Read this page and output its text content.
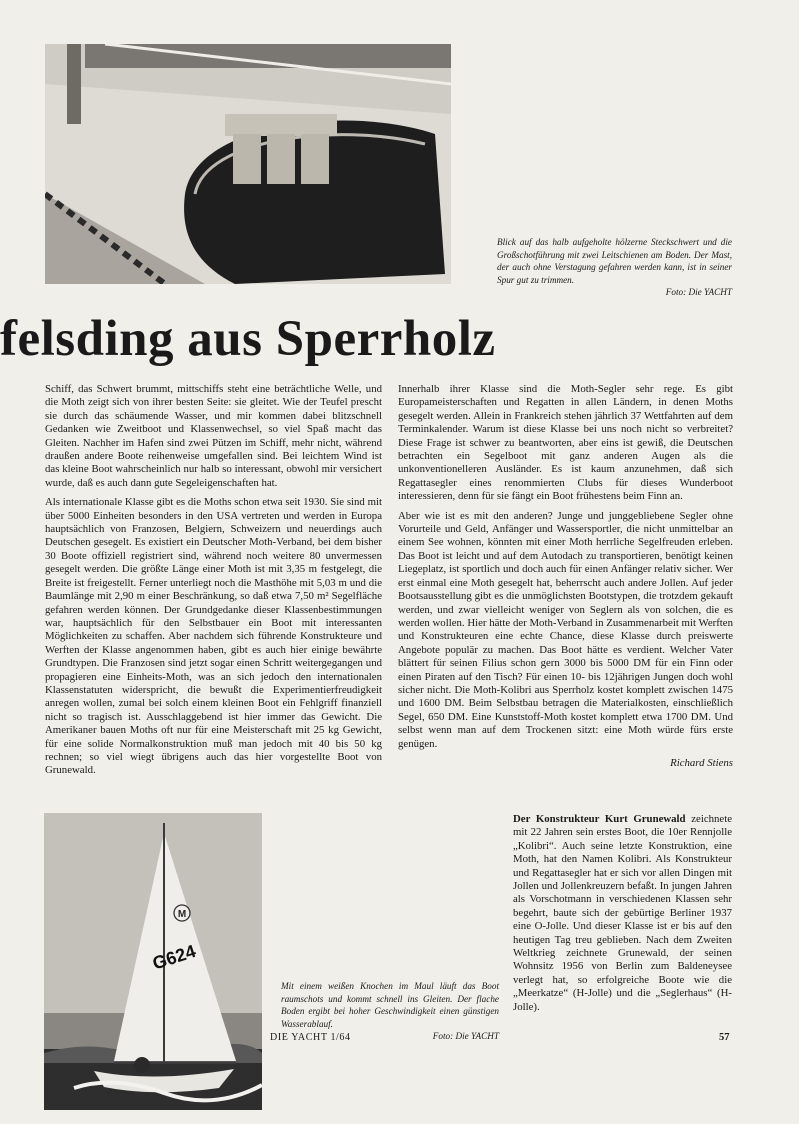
Blick auf das halb aufgeholte hölzerne Steckschwert und die Großschotführung mit zwei Leitschienen am Boden. Der Mast, der auch ohne Verstagung gefahren werden kann, ist in seiner Spur gut zu trimmen.
Foto: Die YACHT

felsding aus Sperrholz

Schiff, das Schwert brummt, mittschiffs steht eine beträchtliche Welle, und die Moth zeigt sich von ihrer besten Seite: sie gleitet. Wie der Teufel prescht sie durch das schäumende Wasser, und mir kommen dabei blitzschnell Gedanken wie Zweitboot und Klassenwechsel, so viel Spaß macht das Gleiten. Nachher im Hafen sind zwei Pützen im Schiff, mehr nicht, während draußen andere Boote reihenweise umgefallen sind. Bei leichtem Wind ist das kleine Boot wahrscheinlich nur halb so interessant, obwohl mir versichert wurde, daß es auch dann gute Segeleigenschaften hat.

Als internationale Klasse gibt es die Moths schon etwa seit 1930. Sie sind mit über 5000 Einheiten besonders in den USA vertreten und werden in Europa hauptsächlich von Franzosen, Belgiern, Schweizern und neuerdings auch Deutschen gesegelt. Es existiert ein Deutscher Moth-Verband, bei dem bisher 30 Boote offiziell registriert sind, während noch weitere 80 unvermessen gesegelt werden. Die größte Länge einer Moth ist mit 3,35 m festgelegt, die Breite ist freigestellt. Ferner unterliegt noch die Masthöhe mit 5,03 m und die Baumlänge mit 2,90 m einer Beschränkung, so daß etwa 7,50 m² Segelfläche gefahren werden können. Der Grundgedanke dieser Klassenbestimmungen war, hauptsächlich für den Selbstbauer ein Boot mit interessanten Möglichkeiten zu schaffen. Aber nachdem sich führende Konstrukteure und Werften der Klasse angenommen haben, gibt es auch hier einige bewährte Grundtypen. Die Franzosen sind jetzt sogar einen Schritt weitergegangen und propagieren eine Einheits-Moth, was an sich jedoch den internationalen Klassenstatuten widerspricht, die bewußt die Experimentierfreudigkeit anregen wollen, zumal bei solch einem kleinen Boot ein Fehlgriff finanziell nicht so tragisch ist. Ausschlaggebend ist hier immer das Gewicht. Die Amerikaner bauen Moths oft nur für eine Meisterschaft mit 25 kg Gewicht, für eine solide Normalkonstruktion muß man jedoch mit 40 bis 50 kg rechnen; so viel wiegt übrigens auch das hier vorgestellte Boot von Grunewald.

Innerhalb ihrer Klasse sind die Moth-Segler sehr rege. Es gibt Europameisterschaften und Regatten in allen Ländern, in denen Moths gesegelt werden. Allein in Frankreich stehen jährlich 37 Wettfahrten auf dem Terminkalender. Warum ist diese Klasse bei uns noch nicht so verbreitet? Diese Frage ist schwer zu beantworten, aber eins ist gewiß, die Deutschen betrachten ein Segelboot mit ganz anderen Augen als die unkonventionelleren Ausländer. Es ist kaum anzunehmen, daß sich Regattasegler eines renommierten Clubs für dieses Wunderboot interessieren, denn für sie fängt ein Boot frühestens beim Finn an.

Aber wie ist es mit den anderen? Junge und junggebliebene Segler ohne Vorurteile und Geld, Anfänger und Wassersportler, die nicht unmittelbar an einem See wohnen, könnten mit einer Moth herrliche Segelfreuden erleben. Das Boot ist leicht und auf dem Autodach zu transportieren, benötigt keinen Liegeplatz, ist sportlich und doch auch für einen Anfänger relativ sicher. Wer erst einmal eine Moth gesegelt hat, beherrscht auch andere Jollen. Auf jeder Bootsausstellung gibt es die unmöglichsten Bootstypen, die trotzdem gekauft werden, und zwar vielleicht weniger von Seglern als von solchen, die es werden wollen. Hier hätte der Moth-Verband in Zusammenarbeit mit Werften und Konstrukteuren eine echte Chance, diese Klasse durch preiswerte Angebote populär zu machen. Das Boot hätte es verdient. Welcher Vater blättert für seinen Filius schon gern 3000 bis 5000 DM für ein Finn oder einen Piraten auf den Tisch? Für einen 10- bis 12jährigen Jungen doch wohl sicher nicht. Die Moth-Kolibri aus Sperrholz kostet komplett zwischen 1475 und 1600 DM. Beim Selbstbau betragen die Materialkosten, einschließlich Segel, 650 DM. Eine Kunststoff-Moth kostet komplett etwa 1700 DM. Und selbst wenn man auf dem Trockenen sitzt: eine Moth würde fürs erste genügen.

Richard Stiens
M
G624

Mit einem weißen Knochen im Maul läuft das Boot raumschots und kommt schnell ins Gleiten. Der flache Boden ergibt bei hoher Geschwindigkeit einen günstigen Wasserablauf.
Foto: Die YACHT

Der Konstrukteur Kurt Grunewald zeichnete mit 22 Jahren sein erstes Boot, die 10er Rennjolle „Kolibri“. Auch seine letzte Konstruktion, eine Moth, hat den Namen Kolibri. Als Konstrukteur und Regattasegler hat er sich vor allen Dingen mit Jollen und Jollenkreuzern befaßt. In jungen Jahren als Vorschotmann in verschiedenen Klassen sehr begehrt, baute sich der gebürtige Berliner 1937 eine O-Jolle. Und dieser Klasse ist er bis auf den heutigen Tag treu geblieben. Nach dem Zweiten Weltkrieg zeichnete Grunewald, der seinen Wohnsitz 1956 von Berlin zum Baldeneysee verlegt hat, so erfolgreiche Boote wie die „Meerkatze“ (H-Jolle) und die „Seglerhaus“ (H-Jolle).

DIE YACHT 1/64	57
